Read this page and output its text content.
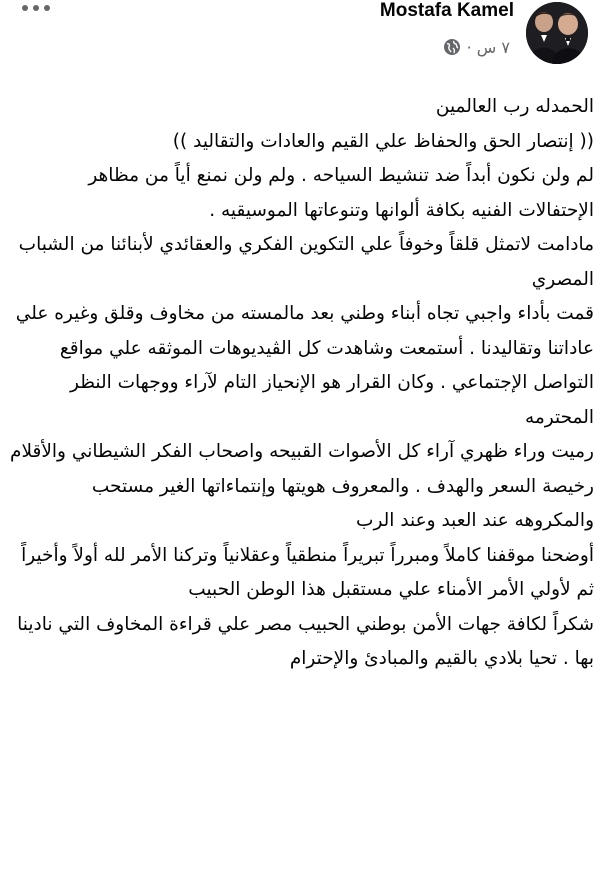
Mostafa Kamel
٧ س ·

الحمدله رب العالمين

(( إنتصار الحق والحفاظ علي القيم والعادات والتقاليد ))

لم ولن نكون أبداً ضد تنشيط السياحه . ولم ولن نمنع أياً من مظاهر الإحتفالات الفنيه بكافة ألوانها وتنوعاتها الموسيقيه .

مادامت لاتمثل قلقاً وخوفاً علي التكوين الفكري والعقائدي لأبنائنا من الشباب المصري

قمت بأداء واجبي تجاه أبناء وطني بعد مالمسته من مخاوف وقلق وغيره علي عاداتنا وتقاليدنا . أستمعت وشاهدت كل الڤيديوهات الموثقه علي مواقع التواصل الإجتماعي . وكان القرار هو الإنحياز التام لآراء ووجهات النظر المحترمه

رميت وراء ظهري آراء كل الأصوات القبيحه واصحاب الفكر الشيطاني والأقلام رخيصة السعر والهدف . والمعروف هويتها وإنتماءاتها الغير مستحب والمكروهه عند العبد وعند الرب

أوضحنا موقفنا كاملاً ومبرراً تبريراً منطقياً وعقلانياً وتركنا الأمر لله أولاً وأخيراً ثم لأولي الأمر الأمناء علي مستقبل هذا الوطن الحبيب

شكراً لكافة جهات الأمن بوطني الحبيب مصر علي قراءة المخاوف التي نادينا بها . تحيا بلادي بالقيم والمبادئ والإحترام
